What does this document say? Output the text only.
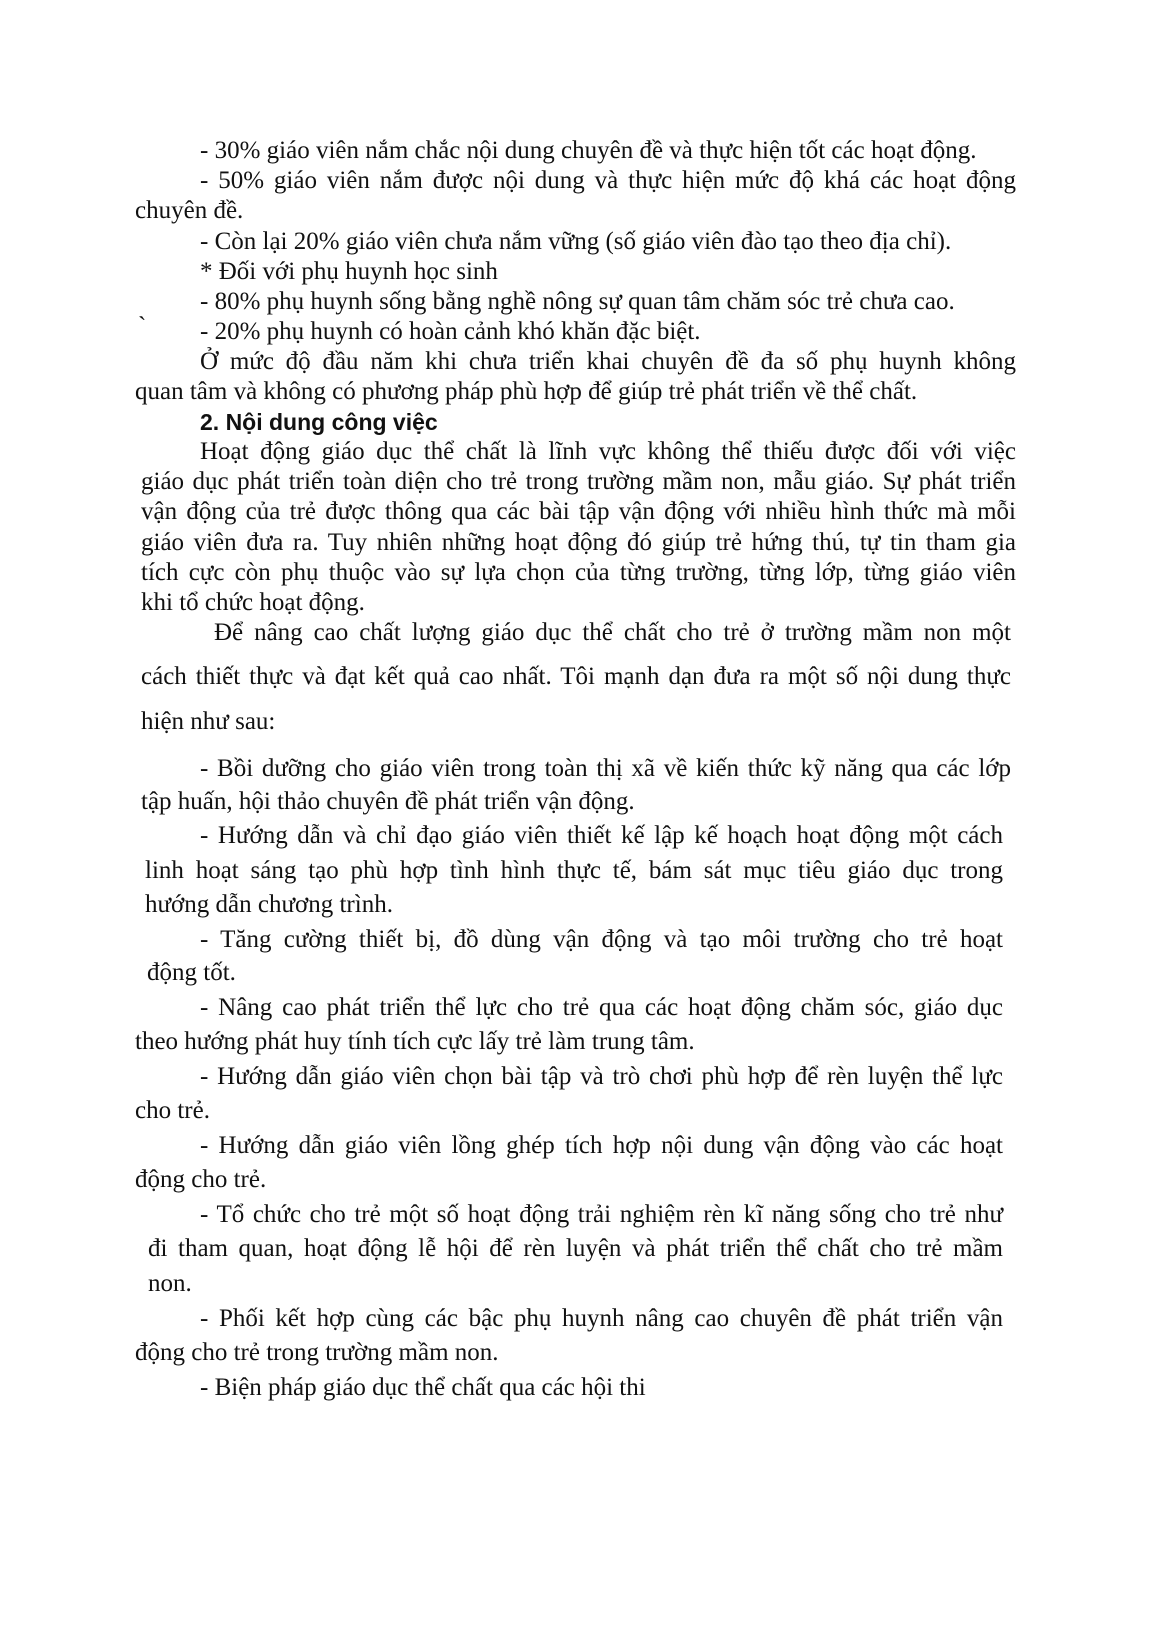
- 30% giáo viên nắm chắc nội dung chuyên đề và thực hiện tốt các hoạt động.

- 50% giáo viên nắm được nội dung và thực hiện mức độ khá các hoạt động

chuyên đề.

- Còn lại 20% giáo viên chưa nắm vững (số giáo viên đào tạo theo địa chỉ).

* Đối với phụ huynh học sinh

- 80% phụ huynh sống bằng nghề nông sự quan tâm chăm sóc trẻ chưa cao.

` - 20% phụ huynh có hoàn cảnh khó khăn đặc biệt.

Ở mức độ đầu năm khi chưa triển khai chuyên đề đa số phụ huynh không

quan tâm và không có phương pháp phù hợp để giúp trẻ phát triển về thể chất.

2. Nội dung công việc

Hoạt động giáo dục thể chất là lĩnh vực không thể thiếu được đối với việc

giáo dục phát triển toàn diện cho trẻ trong trường mầm non, mẫu giáo. Sự phát triển

vận động của trẻ được thông qua các bài tập vận động với nhiều hình thức mà mỗi

giáo viên đưa ra. Tuy nhiên những hoạt động đó giúp trẻ hứng thú, tự tin tham gia

tích cực còn phụ thuộc vào sự lựa chọn của từng trường, từng lớp, từng giáo viên

khi tổ chức hoạt động.

Để nâng cao chất lượng giáo dục thể chất cho trẻ ở trường mầm non một

cách thiết thực và đạt kết quả cao nhất. Tôi mạnh dạn đưa ra một số nội dung thực

hiện như sau:

- Bồi dưỡng cho giáo viên trong toàn thị xã về kiến thức kỹ năng qua các lớp

tập huấn, hội thảo chuyên đề phát triển vận động.

- Hướng dẫn và chỉ đạo giáo viên thiết kế lập kế hoạch hoạt động một cách

linh hoạt sáng tạo phù hợp tình hình thực tế, bám sát mục tiêu giáo dục trong

hướng dẫn chương trình.

- Tăng cường thiết bị, đồ dùng vận động và tạo môi trường cho trẻ hoạt

động tốt.

- Nâng cao phát triển thể lực cho trẻ qua các hoạt động chăm sóc, giáo dục

theo hướng phát huy tính tích cực lấy trẻ làm trung tâm.

- Hướng dẫn giáo viên chọn bài tập và trò chơi phù hợp để rèn luyện thể lực

cho trẻ.

- Hướng dẫn giáo viên lồng ghép tích hợp nội dung vận động vào các hoạt

động cho trẻ.

- Tổ chức cho trẻ một số hoạt động trải nghiệm rèn kĩ năng sống cho trẻ như

đi tham quan, hoạt động lễ hội để rèn luyện và phát triển thể chất cho trẻ mầm

non.

- Phối kết hợp cùng các bậc phụ huynh nâng cao chuyên đề phát triển vận

động cho trẻ trong trường mầm non.

- Biện pháp giáo dục thể chất qua các hội thi
